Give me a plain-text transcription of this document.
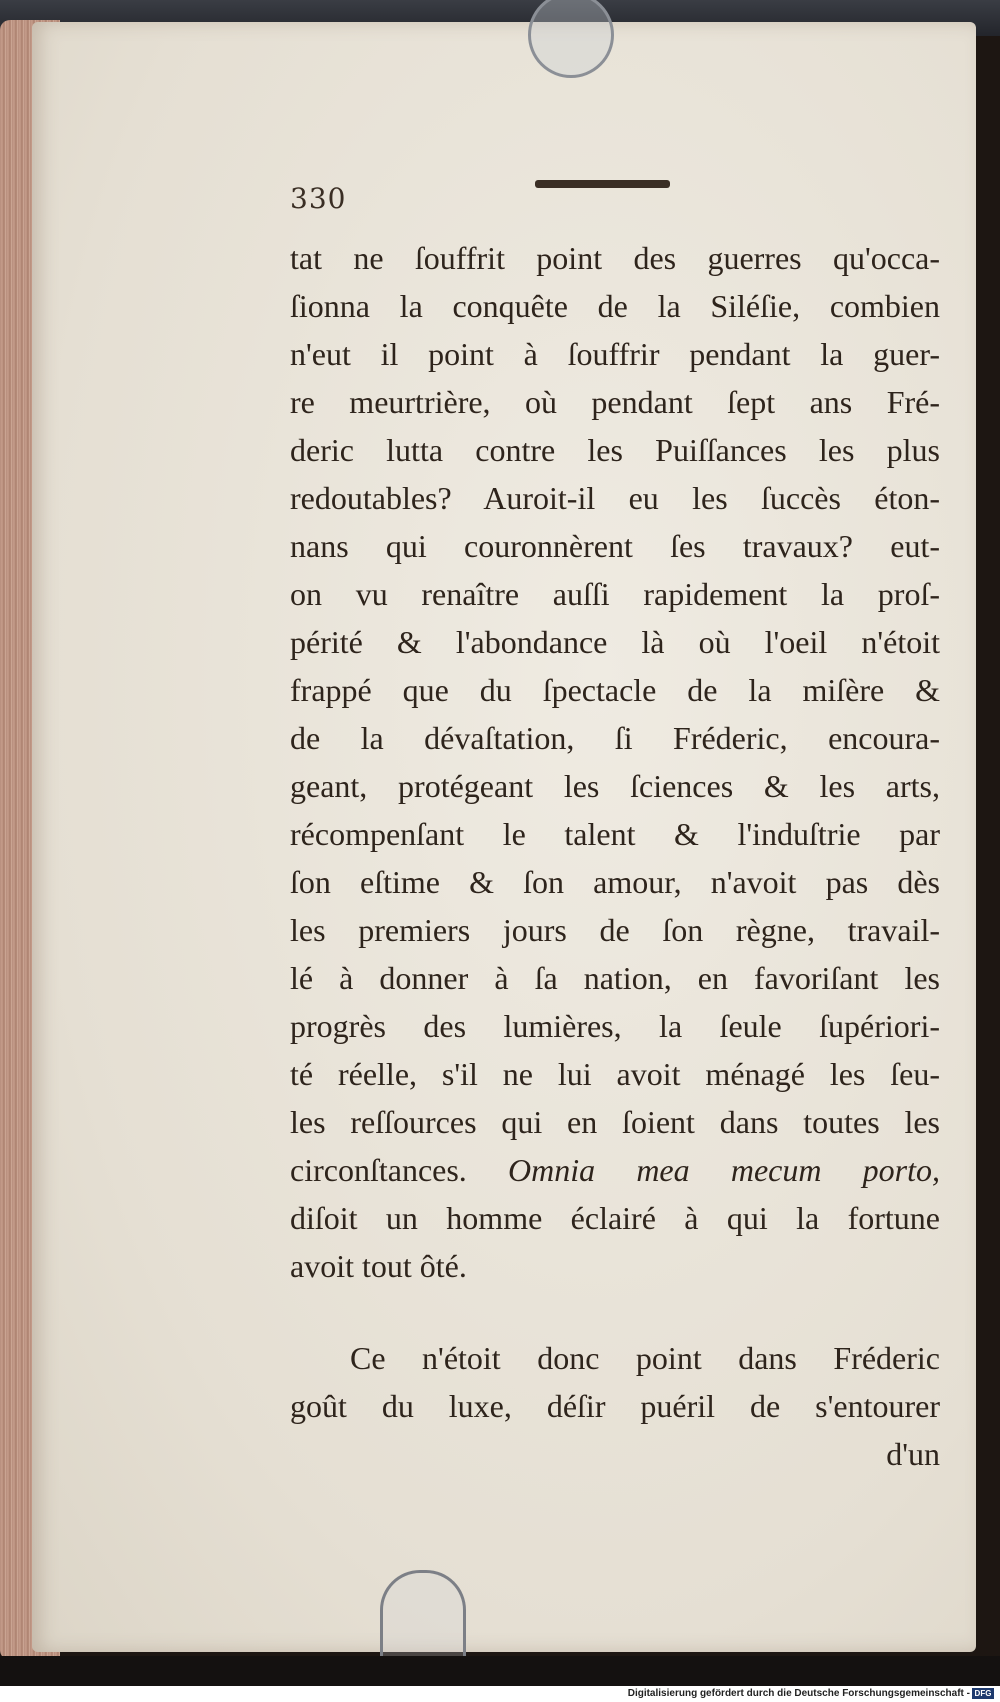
330
tat ne ſouffrit point des guerres qu'occa-
ſionna la conquête de la Siléſie, combien
n'eut il point à ſouffrir pendant la guer-
re meurtrière, où pendant ſept ans Fré-
deric lutta contre les Puiſſances les plus
redoutables? Auroit-il eu les ſuccès éton-
nans qui couronnèrent ſes travaux? eut-
on vu renaître auſſi rapidement la proſ-
périté & l'abondance là où l'oeil n'étoit
frappé que du ſpectacle de la miſère &
de la dévaſtation, ſi Fréderic, encoura-
geant, protégeant les ſciences & les arts,
récompenſant le talent & l'induſtrie par
ſon eſtime & ſon amour, n'avoit pas dès
les premiers jours de ſon règne, travail-
lé à donner à ſa nation, en favoriſant les
progrès des lumières, la ſeule ſupériori-
té réelle, s'il ne lui avoit ménagé les ſeu-
les reſſources qui en ſoient dans toutes les
circonſtances. Omnia mea mecum porto,
diſoit un homme éclairé à qui la fortune
avoit tout ôté.
Ce n'étoit donc point dans Fréderic
goût du luxe, déſir puéril de s'entourer
d'un
Digitalisierung gefördert durch die Deutsche Forschungsgemeinschaft - DFG
